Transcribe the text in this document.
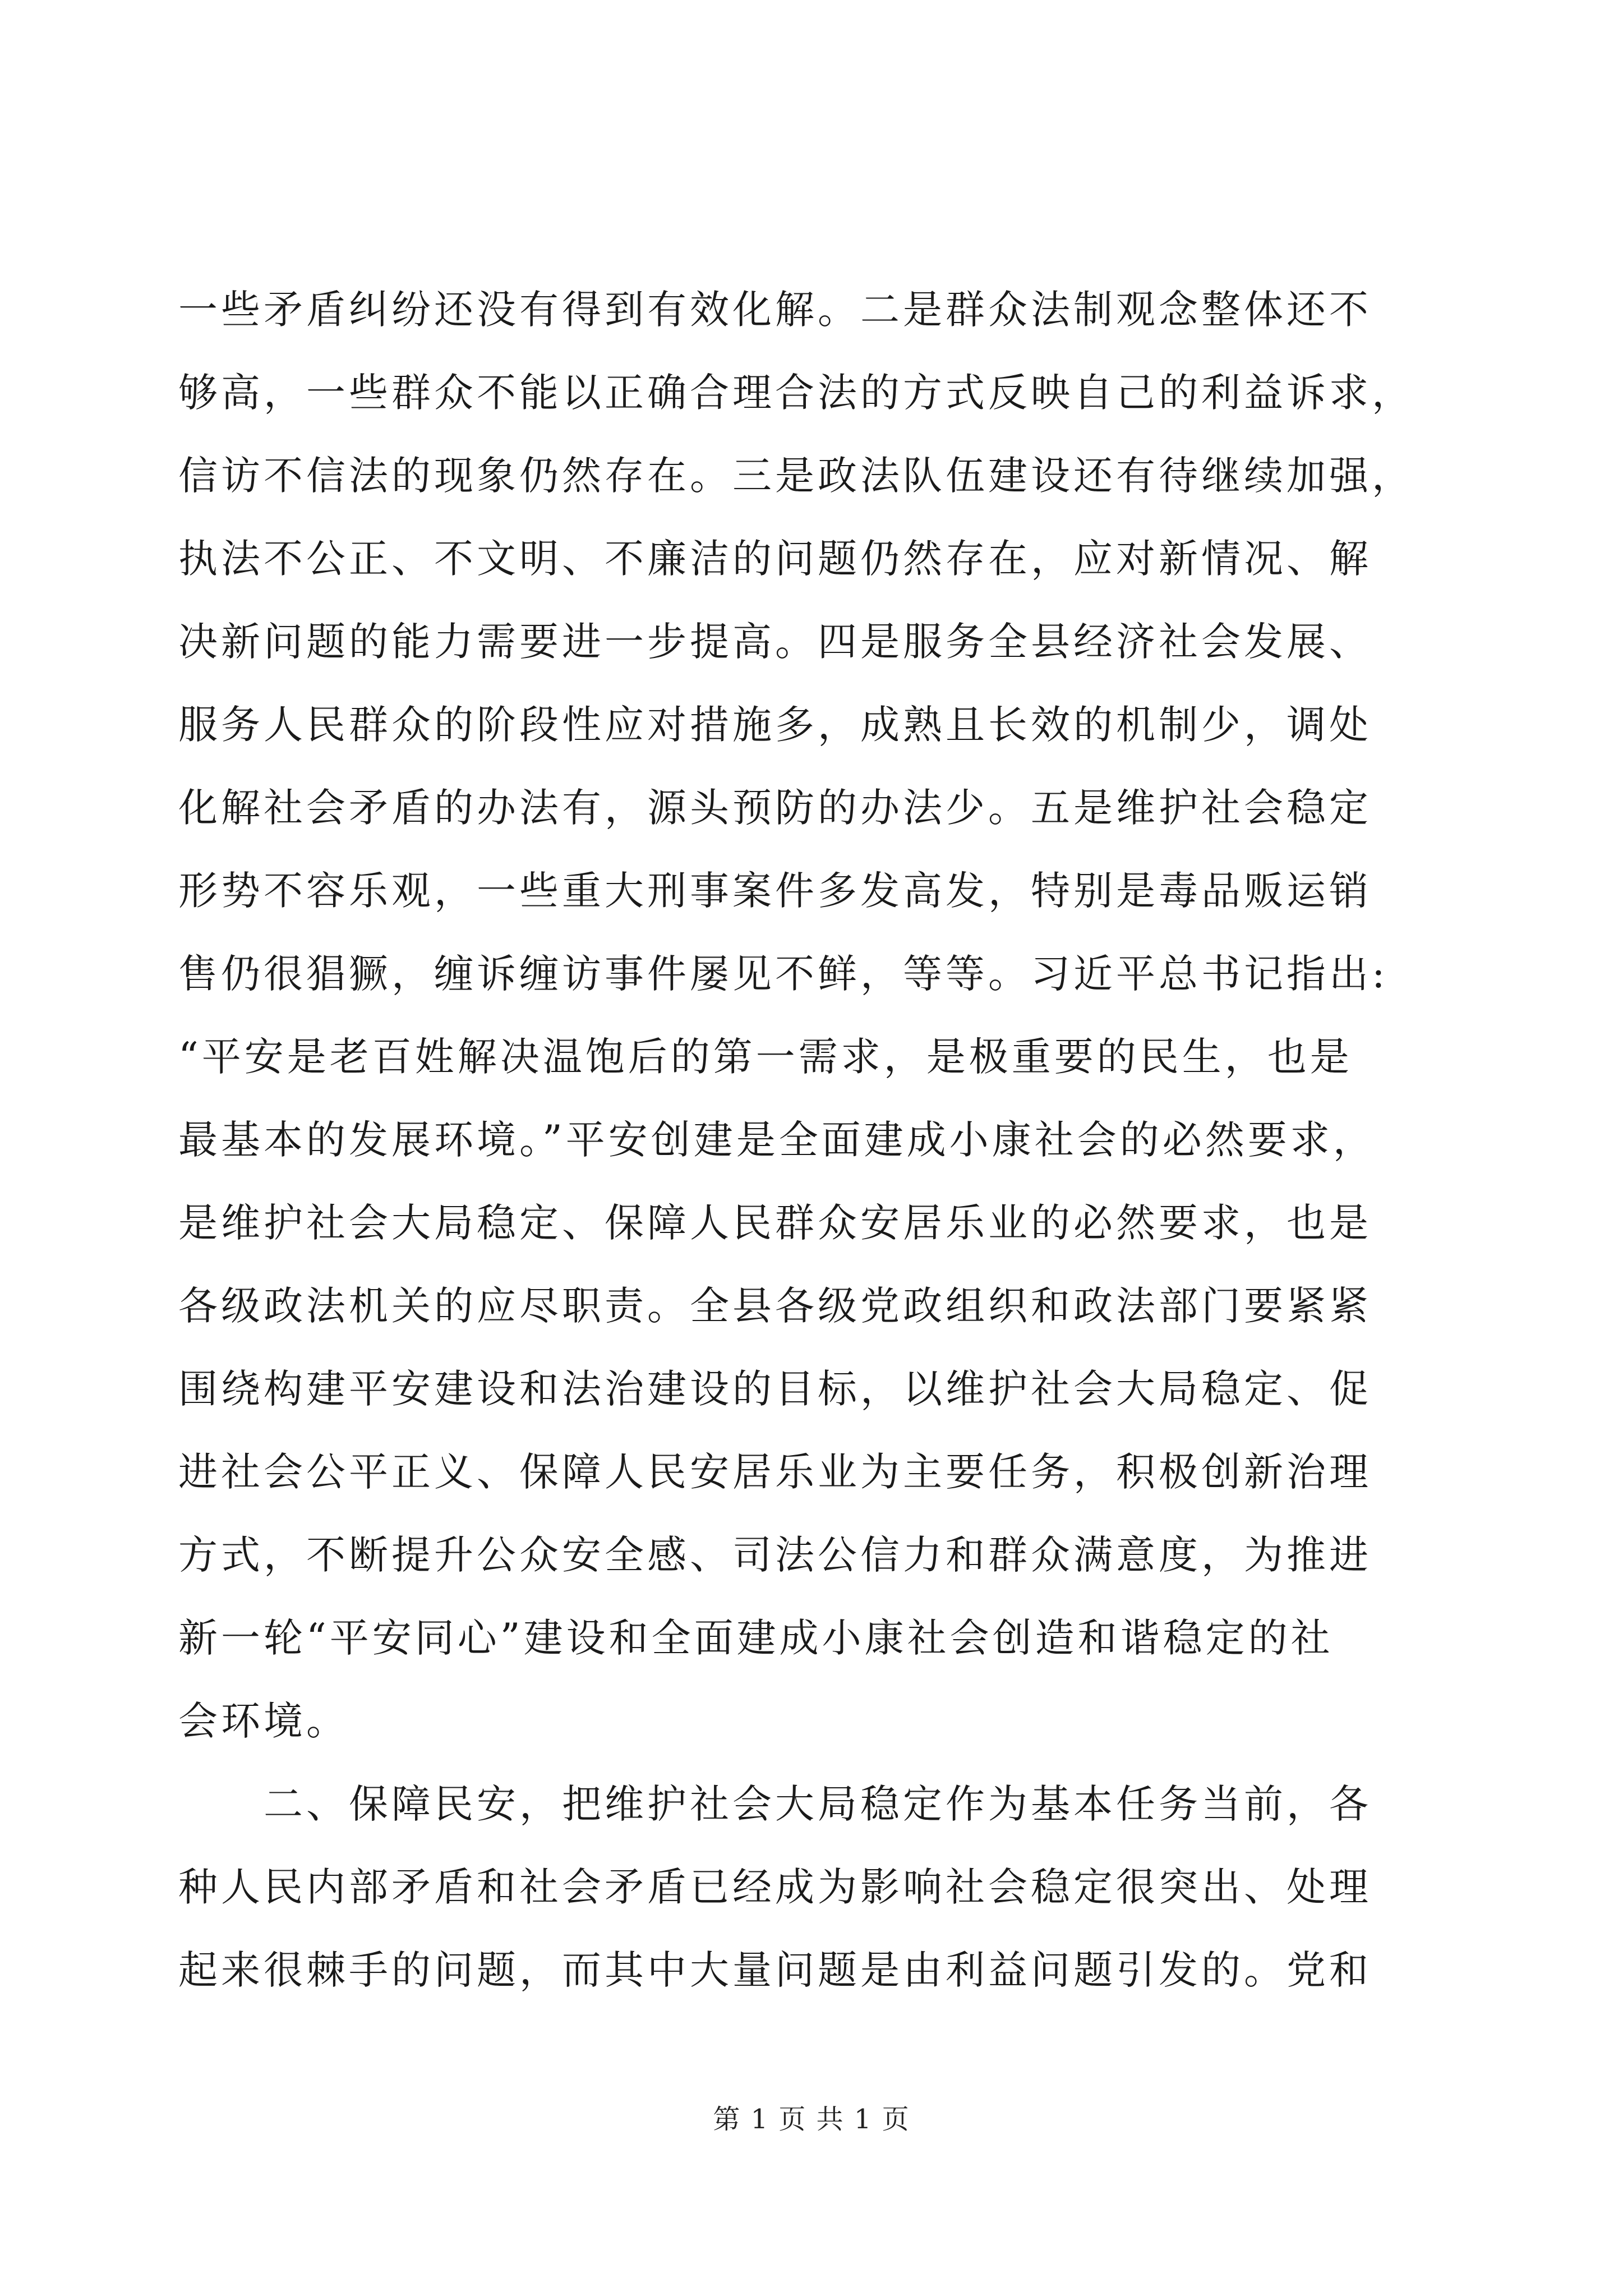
一些矛盾纠纷还没有得到有效化解。二是群众法制观念整体还不
够高，一些群众不能以正确合理合法的方式反映自己的利益诉求，
信访不信法的现象仍然存在。三是政法队伍建设还有待继续加强，
执法不公正、不文明、不廉洁的问题仍然存在，应对新情况、解
决新问题的能力需要进一步提高。四是服务全县经济社会发展、
服务人民群众的阶段性应对措施多，成熟且长效的机制少，调处
化解社会矛盾的办法有，源头预防的办法少。五是维护社会稳定
形势不容乐观，一些重大刑事案件多发高发，特别是毒品贩运销
售仍很猖獗，缠诉缠访事件屡见不鲜，等等。习近平总书记指出:
“平安是老百姓解决温饱后的第一需求，是极重要的民生，也是
最基本的发展环境。”平安创建是全面建成小康社会的必然要求，
是维护社会大局稳定、保障人民群众安居乐业的必然要求，也是
各级政法机关的应尽职责。全县各级党政组织和政法部门要紧紧
围绕构建平安建设和法治建设的目标，以维护社会大局稳定、促
进社会公平正义、保障人民安居乐业为主要任务，积极创新治理
方式，不断提升公众安全感、司法公信力和群众满意度，为推进
新一轮“平安同心”建设和全面建成小康社会创造和谐稳定的社
会环境。
　　二、保障民安，把维护社会大局稳定作为基本任务当前，各
种人民内部矛盾和社会矛盾已经成为影响社会稳定很突出、处理
起来很棘手的问题，而其中大量问题是由利益问题引发的。党和
第 1 页 共 1 页
